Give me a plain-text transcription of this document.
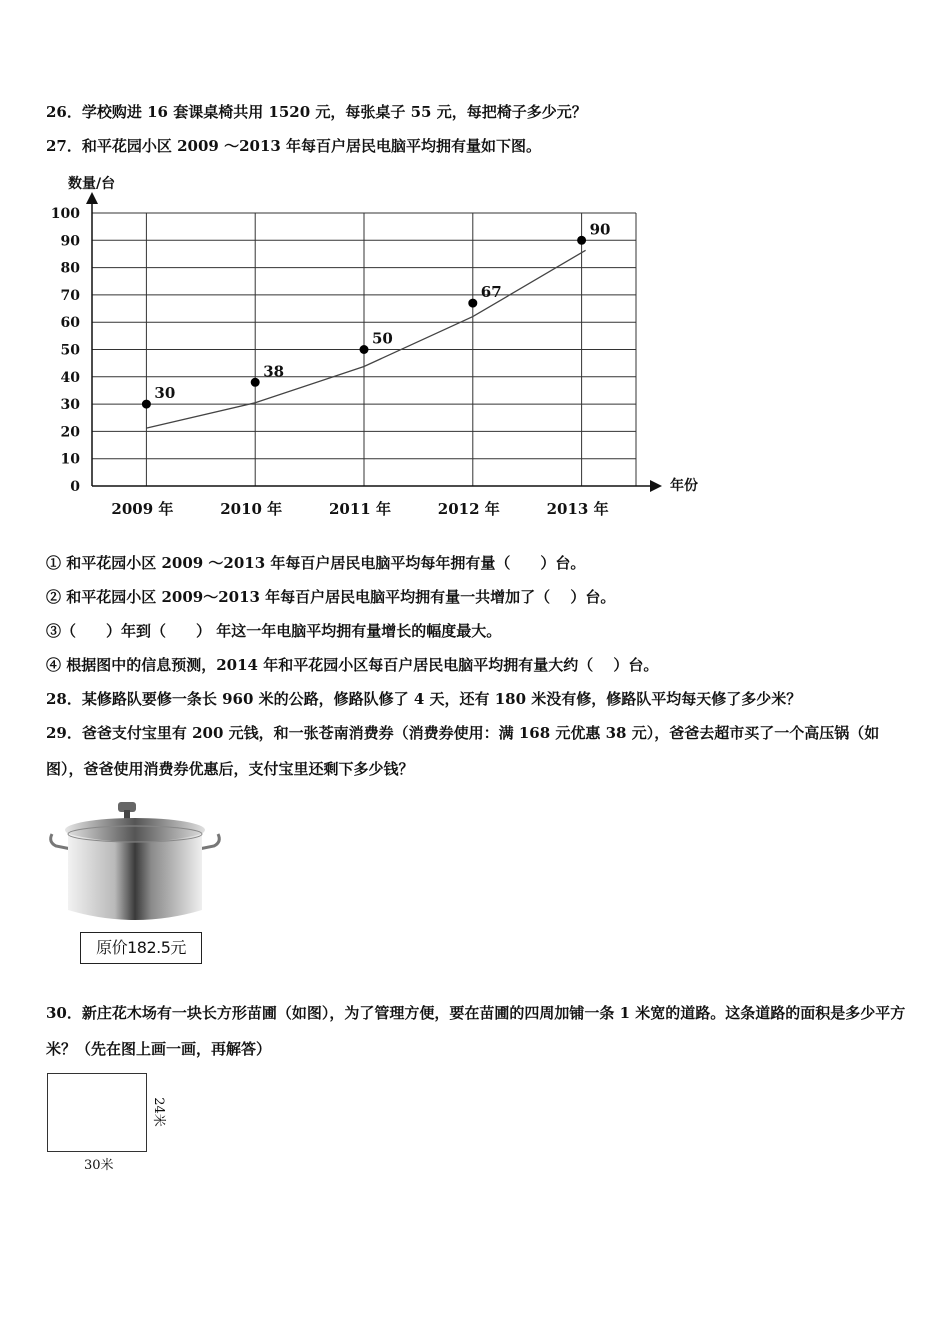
26．学校购进 16 套课桌椅共用 1520 元，每张桌子 55 元，每把椅子多少元？
27．和平花园小区 2009 ～2013 年每百户居民电脑平均拥有量如下图。
数量/台
年份
0
10
20
30
40
50
60
70
80
90
100
2009 年	2010 年	2011 年	2012 年	2013 年
30
38
50
67
90
① 和平花园小区 2009 ～2013 年每百户居民电脑平均每年拥有量（　　）台。
② 和平花园小区 2009～2013 年每百户居民电脑平均拥有量一共增加了（　 ）台。
③（　　）年到（　　） 年这一年电脑平均拥有量增长的幅度最大。
④ 根据图中的信息预测，2014 年和平花园小区每百户居民电脑平均拥有量大约（　 ）台。
28．某修路队要修一条长 960 米的公路，修路队修了 4 天，还有 180 米没有修，修路队平均每天修了多少米？
29．爸爸支付宝里有 200 元钱，和一张苍南消费券（消费券使用：满 168 元优惠 38 元），爸爸去超市买了一个高压锅（如图），爸爸使用消费券优惠后，支付宝里还剩下多少钱？
原价182.5元
30．新庄花木场有一块长方形苗圃（如图），为了管理方便，要在苗圃的四周加铺一条 1 米宽的道路。这条道路的面积是多少平方米？（先在图上画一画，再解答）
30米
24米
